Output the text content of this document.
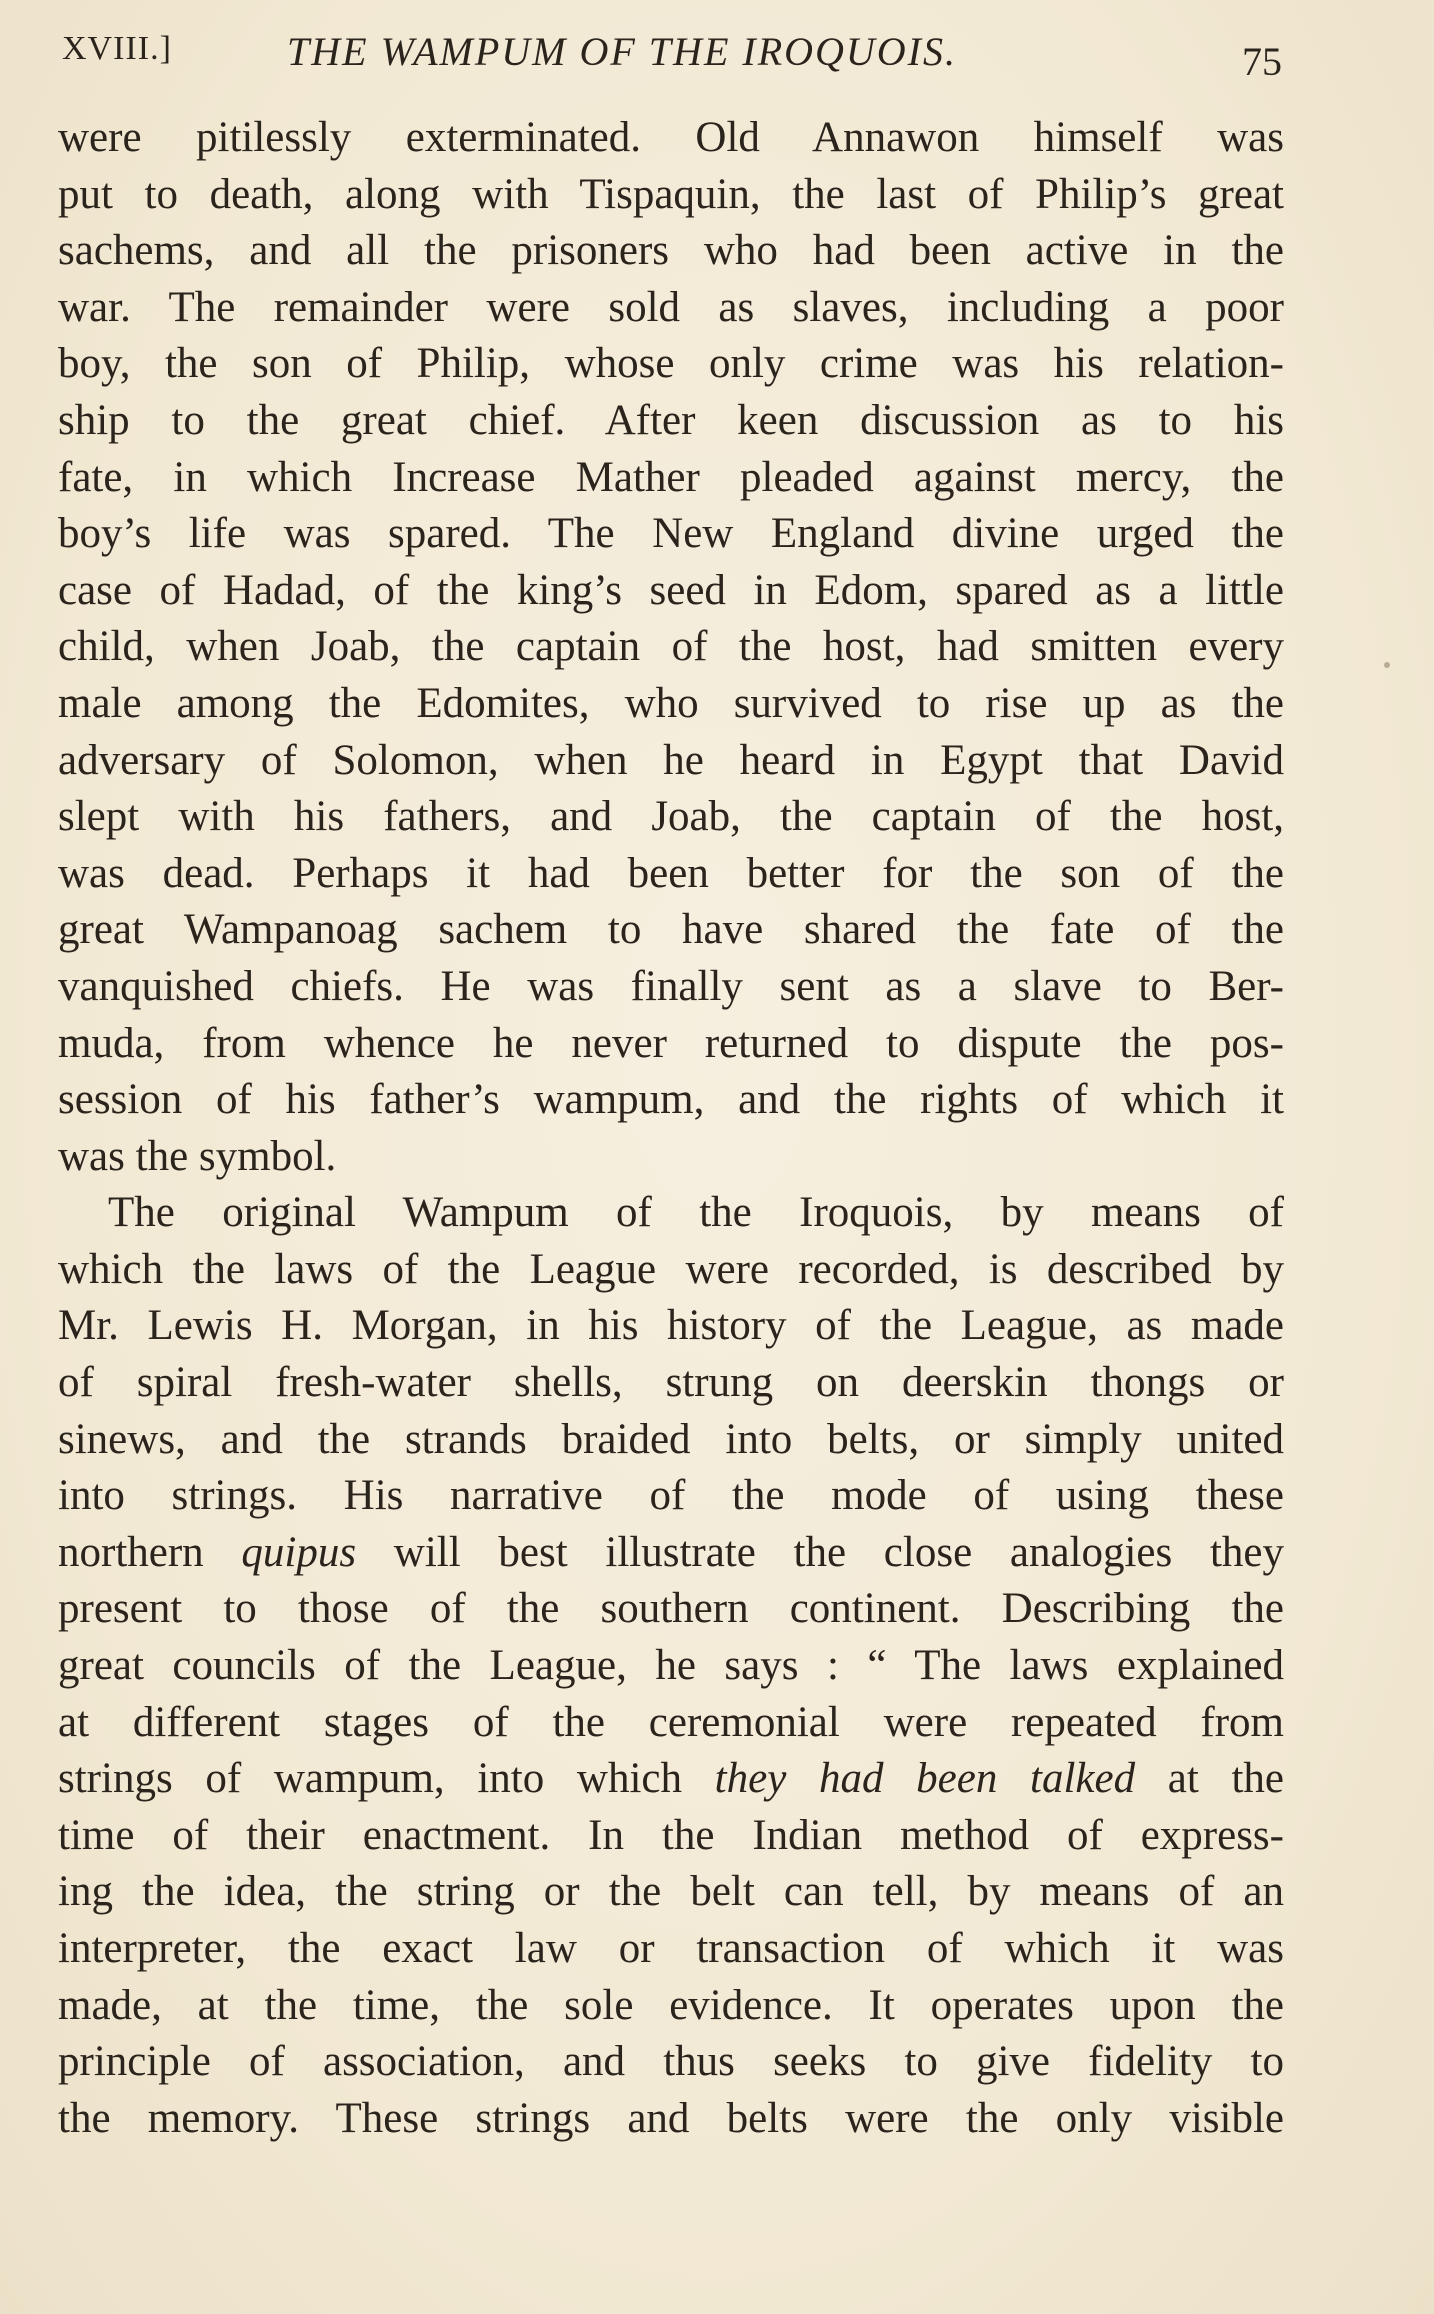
XVIII.]	THE WAMPUM OF THE IROQUOIS.	75
were pitilessly exterminated. Old Annawon himself was
put to death, along with Tispaquin, the last of Philip’s great
sachems, and all the prisoners who had been active in the
war. The remainder were sold as slaves, including a poor
boy, the son of Philip, whose only crime was his relation-
ship to the great chief. After keen discussion as to his
fate, in which Increase Mather pleaded against mercy, the
boy’s life was spared. The New England divine urged the
case of Hadad, of the king’s seed in Edom, spared as a little
child, when Joab, the captain of the host, had smitten every
male among the Edomites, who survived to rise up as the
adversary of Solomon, when he heard in Egypt that David
slept with his fathers, and Joab, the captain of the host,
was dead. Perhaps it had been better for the son of the
great Wampanoag sachem to have shared the fate of the
vanquished chiefs. He was finally sent as a slave to Ber-
muda, from whence he never returned to dispute the pos-
session of his father’s wampum, and the rights of which it
was the symbol.
The original Wampum of the Iroquois, by means of
which the laws of the League were recorded, is described by
Mr. Lewis H. Morgan, in his history of the League, as made
of spiral fresh-water shells, strung on deerskin thongs or
sinews, and the strands braided into belts, or simply united
into strings. His narrative of the mode of using these
northern quipus will best illustrate the close analogies they
present to those of the southern continent. Describing the
great councils of the League, he says : “ The laws explained
at different stages of the ceremonial were repeated from
strings of wampum, into which they had been talked at the
time of their enactment. In the Indian method of express-
ing the idea, the string or the belt can tell, by means of an
interpreter, the exact law or transaction of which it was
made, at the time, the sole evidence. It operates upon the
principle of association, and thus seeks to give fidelity to
the memory. These strings and belts were the only visible
